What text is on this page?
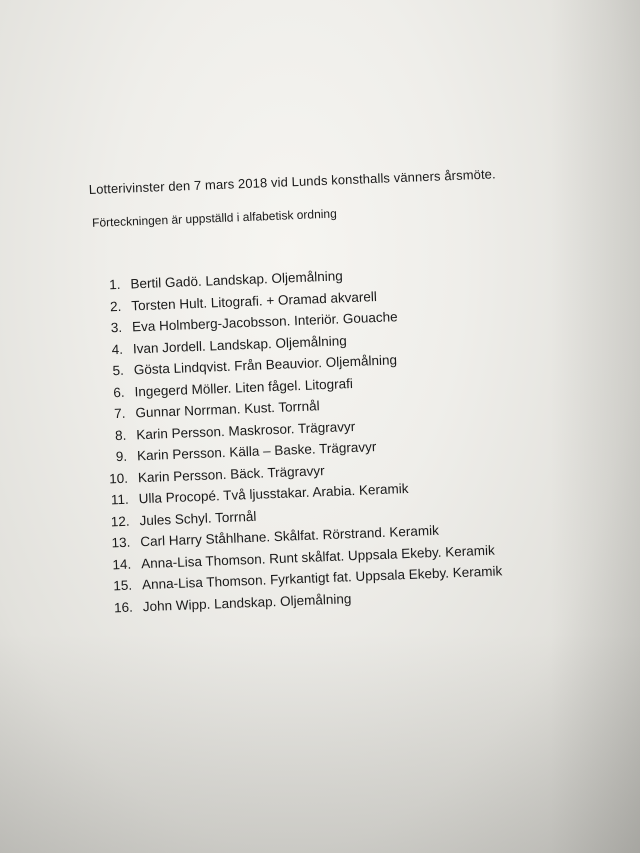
Lotterivinster den 7 mars 2018 vid Lunds konsthalls vänners årsmöte.
Förteckningen är uppställd i alfabetisk ordning
1. Bertil Gadö. Landskap. Oljemålning
2. Torsten Hult. Litografi. + Oramad akvarell
3. Eva Holmberg-Jacobsson. Interiör. Gouache
4. Ivan Jordell. Landskap. Oljemålning
5. Gösta Lindqvist. Från Beauvior. Oljemålning
6. Ingegerd Möller. Liten fågel. Litografi
7. Gunnar Norrman. Kust. Torrnål
8. Karin Persson. Maskrosor. Trägravyr
9. Karin Persson. Källa – Baske. Trägravyr
10. Karin Persson. Bäck. Trägravyr
11. Ulla Procopé. Två ljusstakar. Arabia. Keramik
12. Jules Schyl. Torrnål
13. Carl Harry Ståhlhane. Skålfat. Rörstrand. Keramik
14. Anna-Lisa Thomson. Runt skålfat. Uppsala Ekeby. Keramik
15. Anna-Lisa Thomson. Fyrkantigt fat. Uppsala Ekeby. Keramik
16. John Wipp. Landskap. Oljemålning
